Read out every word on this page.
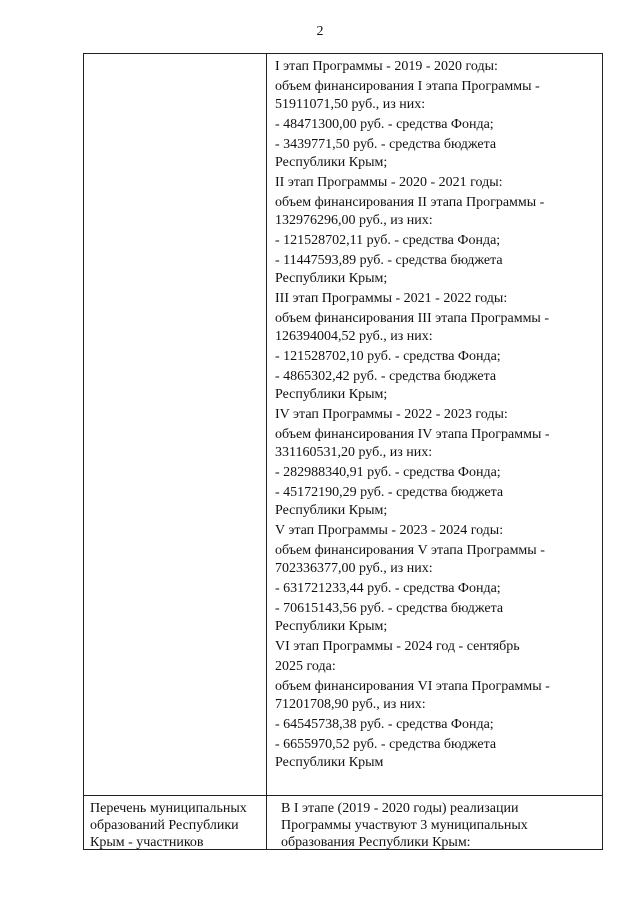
2
I этап Программы - 2019 - 2020 годы:
объем финансирования I этапа Программы -
51911071,50 руб., из них:
- 48471300,00 руб. - средства Фонда;
- 3439771,50 руб. - средства бюджета
Республики Крым;
II этап Программы - 2020 - 2021 годы:
объем финансирования II этапа Программы -
132976296,00 руб., из них:
- 121528702,11 руб. - средства Фонда;
- 11447593,89 руб. - средства бюджета
Республики Крым;
III этап Программы - 2021 - 2022 годы:
объем финансирования III этапа Программы -
126394004,52 руб., из них:
- 121528702,10 руб. - средства Фонда;
- 4865302,42 руб. - средства бюджета
Республики Крым;
IV этап Программы - 2022 - 2023 годы:
объем финансирования IV этапа Программы -
331160531,20 руб., из них:
- 282988340,91 руб. - средства Фонда;
- 45172190,29 руб. - средства бюджета
Республики Крым;
V этап Программы - 2023 - 2024 годы:
объем финансирования V этапа Программы -
702336377,00 руб., из них:
- 631721233,44 руб. - средства Фонда;
- 70615143,56 руб. - средства бюджета
Республики Крым;
VI этап Программы - 2024 год - сентябрь
2025 года:
объем финансирования VI этапа Программы -
71201708,90 руб., из них:
- 64545738,38 руб. - средства Фонда;
- 6655970,52 руб. - средства бюджета
Республики Крым
Перечень муниципальных
образований Республики
Крым - участников
В I этапе (2019 - 2020 годы) реализации
Программы участвуют 3 муниципальных
образования Республики Крым:
